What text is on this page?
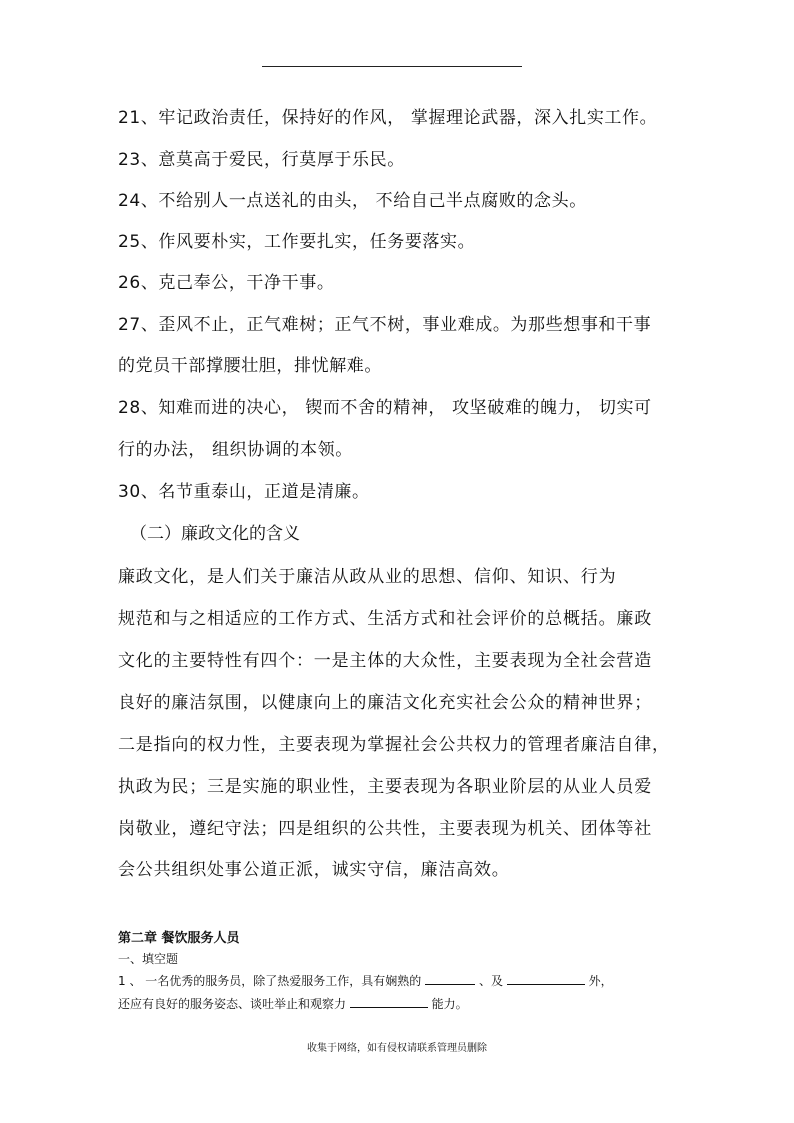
21、牢记政治责任，保持好的作风， 掌握理论武器，深入扎实工作。
23、意莫高于爱民，行莫厚于乐民。
24、不给别人一点送礼的由头， 不给自己半点腐败的念头。
25、作风要朴实，工作要扎实，任务要落实。
26、克己奉公，干净干事。
27、歪风不止，正气难树；正气不树，事业难成。为那些想事和干事
的党员干部撑腰壮胆，排忧解难。
28、知难而进的决心， 锲而不舍的精神， 攻坚破难的魄力， 切实可
行的办法， 组织协调的本领。
30、名节重泰山，正道是清廉。
（二）廉政文化的含义
廉政文化，是人们关于廉洁从政从业的思想、信仰、知识、行为
规范和与之相适应的工作方式、生活方式和社会评价的总概括。廉政
文化的主要特性有四个：一是主体的大众性，主要表现为全社会营造
良好的廉洁氛围，以健康向上的廉洁文化充实社会公众的精神世界；
二是指向的权力性，主要表现为掌握社会公共权力的管理者廉洁自律，
执政为民；三是实施的职业性，主要表现为各职业阶层的从业人员爱
岗敬业，遵纪守法；四是组织的公共性，主要表现为机关、团体等社
会公共组织处事公道正派，诚实守信，廉洁高效。
第二章 餐饮服务人员
一、填空题
1 、 一名优秀的服务员，除了热爱服务工作，具有娴熟的	、及	外，
还应有良好的服务姿态、谈吐举止和观察力	能力。
收集于网络，如有侵权请联系管理员删除
